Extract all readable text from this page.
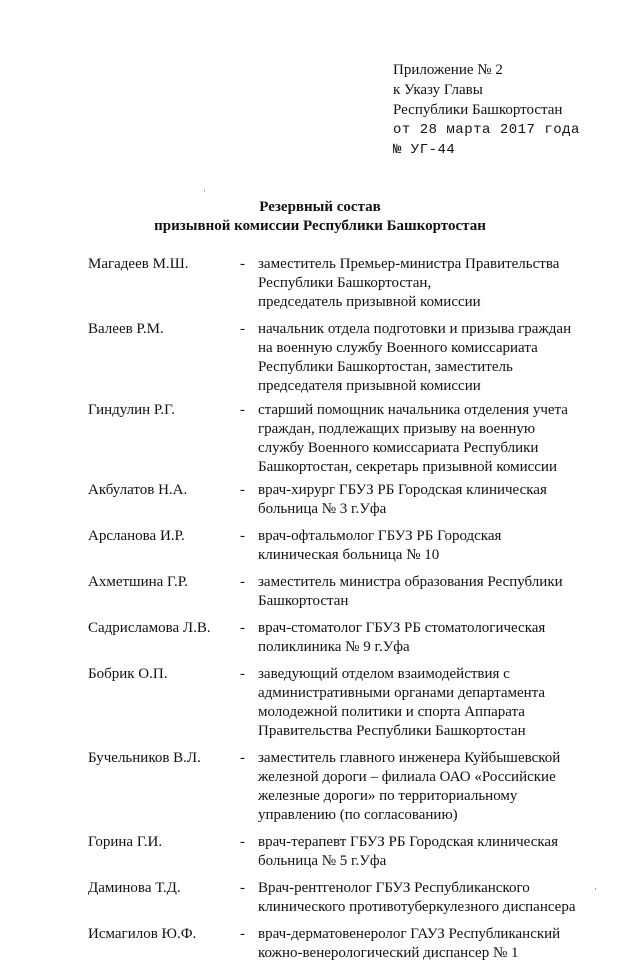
Приложение № 2
к Указу Главы
Республики Башкортостан
от 28 марта 2017 года
№ УГ-44
Резервный состав
призывной комиссии Республики Башкортостан
Магадеев М.Ш.	- заместитель Премьер-министра Правительства
Республики Башкортостан,
председатель призывной комиссии
Валеев Р.М.	- начальник отдела подготовки и призыва граждан
на военную службу Военного комиссариата
Республики Башкортостан, заместитель
председателя призывной комиссии
Гиндулин Р.Г.	- старший помощник начальника отделения учета
граждан, подлежащих призыву на военную
службу Военного комиссариата Республики
Башкортостан, секретарь призывной комиссии
Акбулатов Н.А.	- врач-хирург ГБУЗ РБ Городская клиническая
больница № 3 г.Уфа
Арсланова И.Р.	- врач-офтальмолог ГБУЗ РБ Городская
клиническая больница № 10
Ахметшина Г.Р.	- заместитель министра образования Республики
Башкортостан
Садрисламова Л.В.	- врач-стоматолог ГБУЗ РБ стоматологическая
поликлиника № 9 г.Уфа
Бобрик О.П.	- заведующий отделом взаимодействия с
административными органами департамента
молодежной политики и спорта Аппарата
Правительства Республики Башкортостан
Бучельников В.Л.	- заместитель главного инженера Куйбышевской
железной дороги – филиала ОАО «Российские
железные дороги» по территориальному
управлению (по согласованию)
Горина Г.И.	- врач-терапевт ГБУЗ РБ Городская клиническая
больница № 5 г.Уфа
Даминова Т.Д.	- Врач-рентгенолог ГБУЗ Республиканского
клинического противотуберкулезного диспансера
Исмагилов Ю.Ф.	- врач-дерматовенеролог ГАУЗ Республиканский
кожно-венерологический диспансер № 1
·
·
